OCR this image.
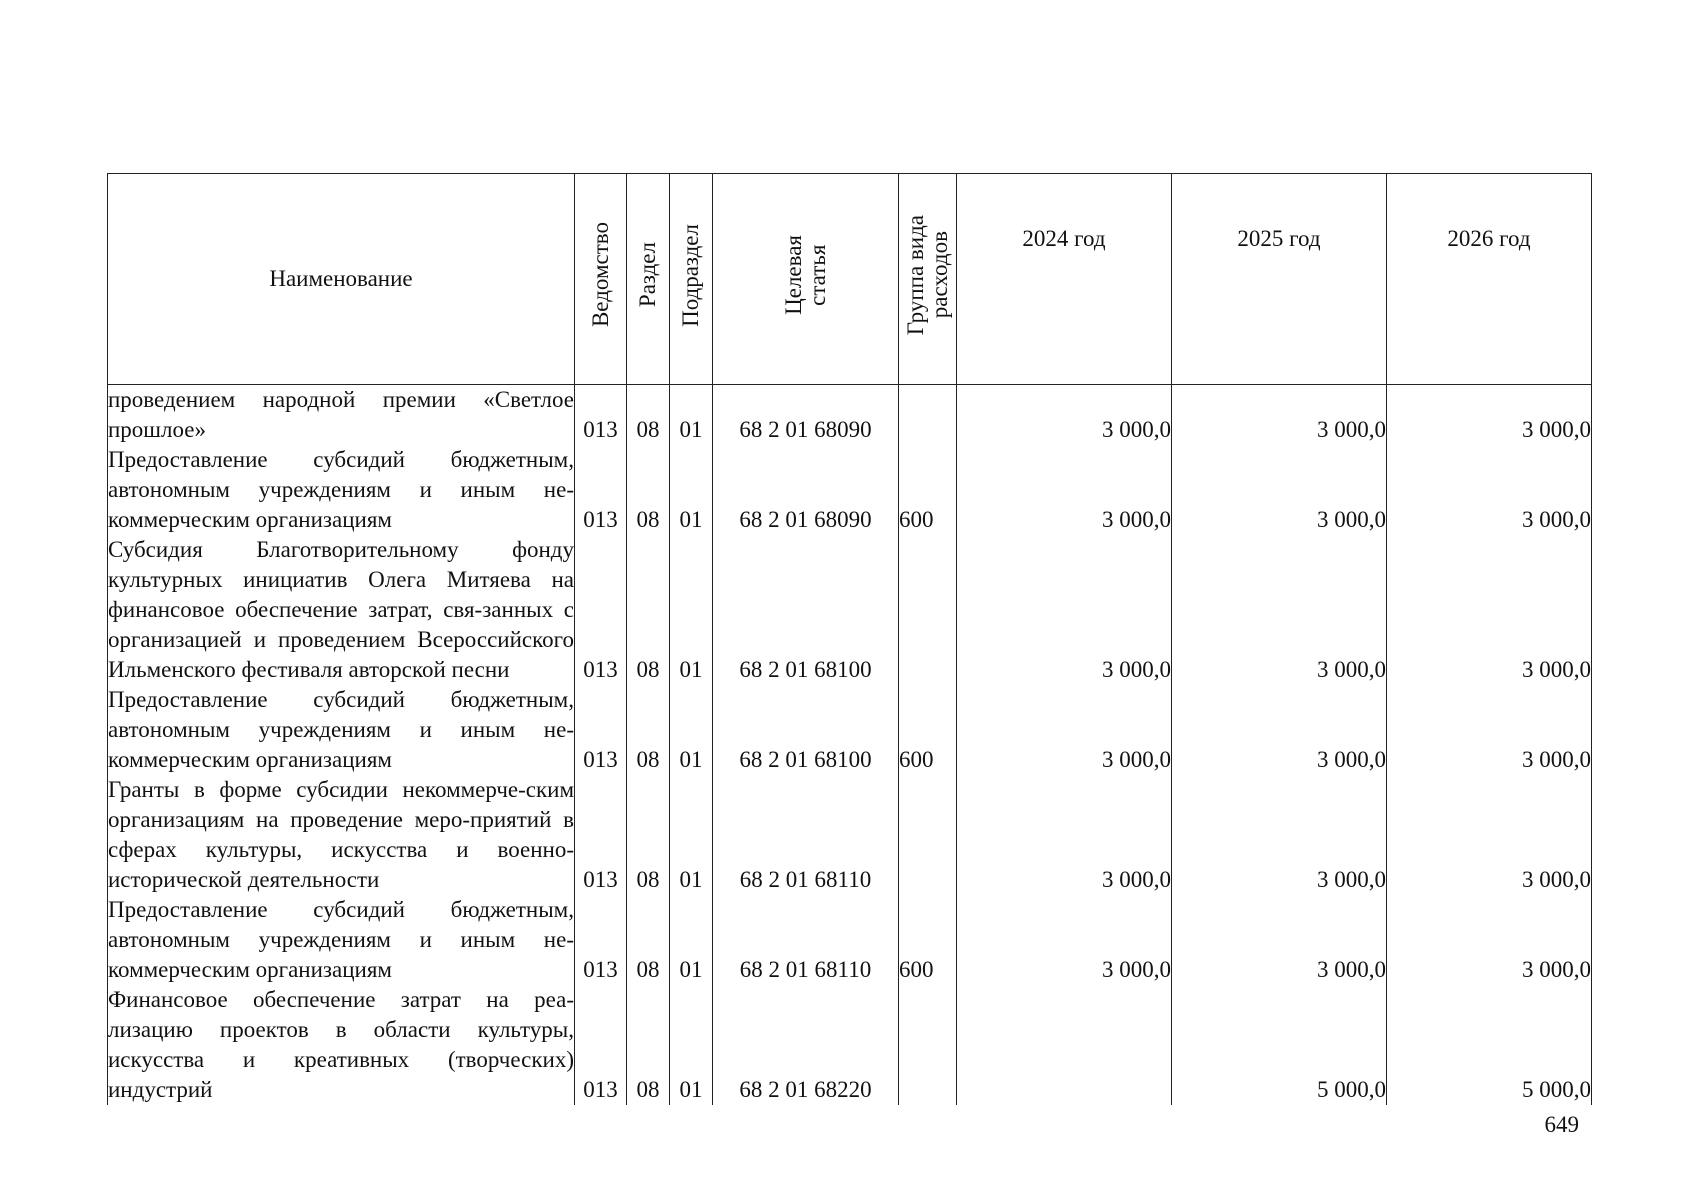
Наименование	Ведомство	Раздел	Подраздел	Целевая
статья	Группа вида
расходов	2024 год	2025 год	2026 год

проведением народной премии «Светлое прошлое»	013	08	01	68 2 01 68090		3 000,0	3 000,0	3 000,0

Предоставление субсидий бюджетным, автономным учреждениям и иным не-коммерческим организациям	013	08	01	68 2 01 68090	600	3 000,0	3 000,0	3 000,0

Субсидия Благотворительному фонду культурных инициатив Олега Митяева на финансовое обеспечение затрат, свя-занных с организацией и проведением Всероссийского Ильменского фестиваля авторской песни	013	08	01	68 2 01 68100		3 000,0	3 000,0	3 000,0

Предоставление субсидий бюджетным, автономным учреждениям и иным не-коммерческим организациям	013	08	01	68 2 01 68100	600	3 000,0	3 000,0	3 000,0

Гранты в форме субсидии некоммерче-ским организациям на проведение меро-приятий в сферах культуры, искусства и военно-исторической деятельности	013	08	01	68 2 01 68110		3 000,0	3 000,0	3 000,0

Предоставление субсидий бюджетным, автономным учреждениям и иным не-коммерческим организациям	013	08	01	68 2 01 68110	600	3 000,0	3 000,0	3 000,0

Финансовое обеспечение затрат на реа-лизацию проектов в области культуры, искусства и креативных (творческих) индустрий	013	08	01	68 2 01 68220			5 000,0	5 000,0
649
